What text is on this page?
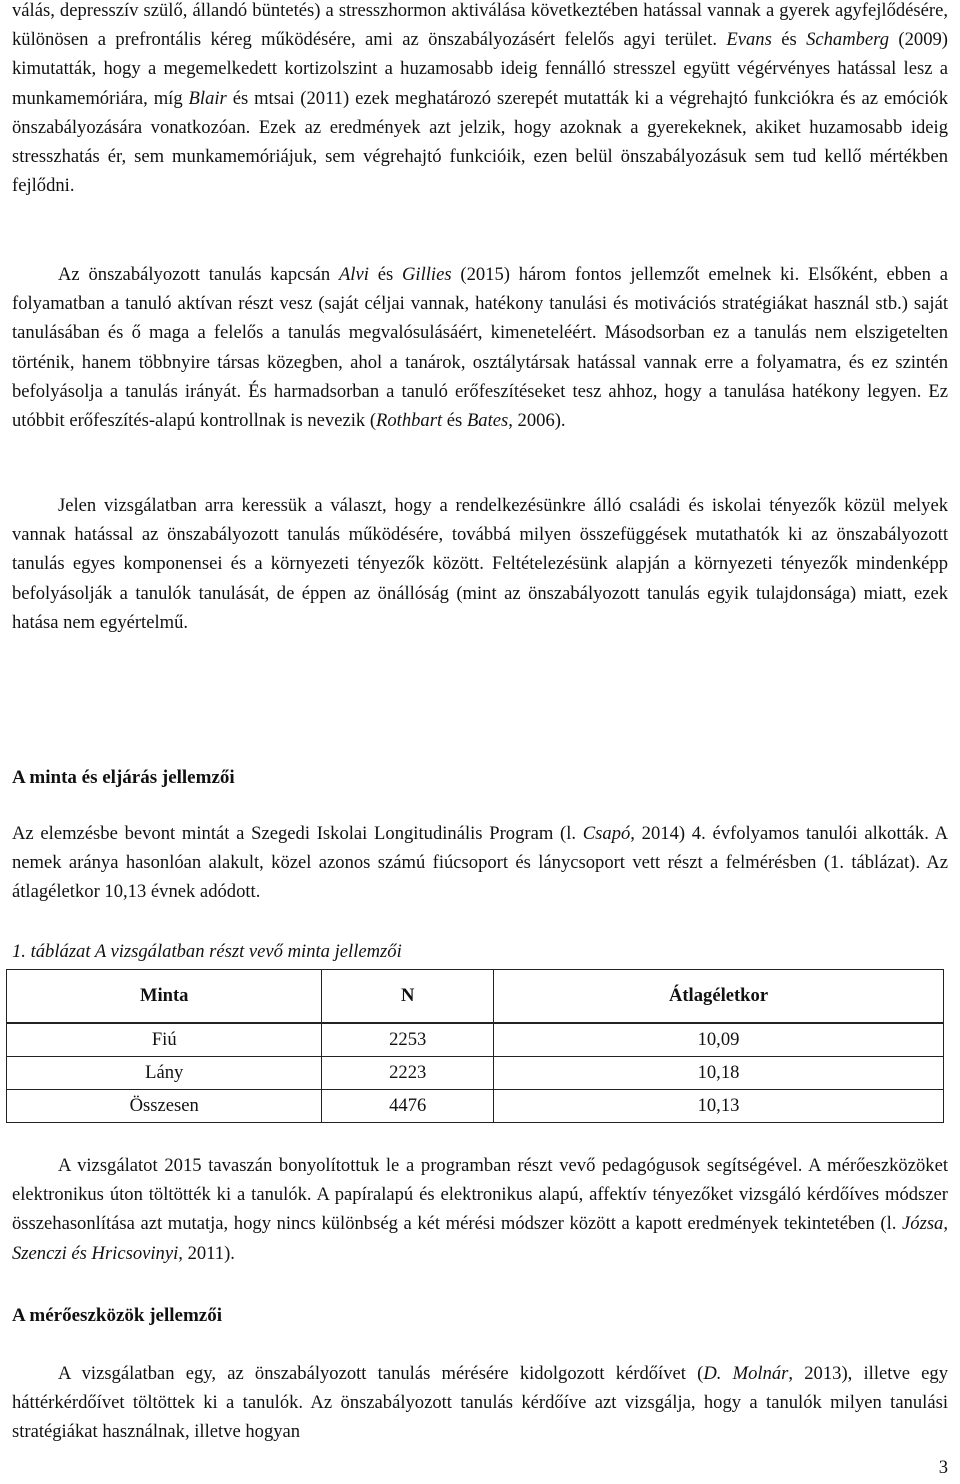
válás, depresszív szülő, állandó büntetés) a stresszhormon aktiválása következtében hatással vannak a gyerek agyfejlődésére, különösen a prefrontális kéreg működésére, ami az önszabályozásért felelős agyi terület. Evans és Schamberg (2009) kimutatták, hogy a megemelkedett kortizolszint a huzamosabb ideig fennálló stresszel együtt végérvényes hatással lesz a munkamemóriára, míg Blair és mtsai (2011) ezek meghatározó szerepét mutatták ki a végrehajtó funkciókra és az emóciók önszabályozására vonatkozóan. Ezek az eredmények azt jelzik, hogy azoknak a gyerekeknek, akiket huzamosabb ideig stresszhatás ér, sem munkamemóriájuk, sem végrehajtó funkcióik, ezen belül önszabályozásuk sem tud kellő mértékben fejlődni.

Az önszabályozott tanulás kapcsán Alvi és Gillies (2015) három fontos jellemzőt emelnek ki. Elsőként, ebben a folyamatban a tanuló aktívan részt vesz (saját céljai vannak, hatékony tanulási és motivációs stratégiákat használ stb.) saját tanulásában és ő maga a felelős a tanulás megvalósulásáért, kimeneteléért. Másodsorban ez a tanulás nem elszigetelten történik, hanem többnyire társas közegben, ahol a tanárok, osztálytársak hatással vannak erre a folyamatra, és ez szintén befolyásolja a tanulás irányát. És harmadsorban a tanuló erőfeszítéseket tesz ahhoz, hogy a tanulása hatékony legyen. Ez utóbbit erőfeszítés-alapú kontrollnak is nevezik (Rothbart és Bates, 2006).

Jelen vizsgálatban arra keressük a választ, hogy a rendelkezésünkre álló családi és iskolai tényezők közül melyek vannak hatással az önszabályozott tanulás működésére, továbbá milyen összefüggések mutathatók ki az önszabályozott tanulás egyes komponensei és a környezeti tényezők között. Feltételezésünk alapján a környezeti tényezők mindenképp befolyásolják a tanulók tanulását, de éppen az önállóság (mint az önszabályozott tanulás egyik tulajdonsága) miatt, ezek hatása nem egyértelmű.

A minta és eljárás jellemzői

Az elemzésbe bevont mintát a Szegedi Iskolai Longitudinális Program (l. Csapó, 2014) 4. évfolyamos tanulói alkották. A nemek aránya hasonlóan alakult, közel azonos számú fiúcsoport és lánycsoport vett részt a felmérésben (1. táblázat). Az átlagéletkor 10,13 évnek adódott.

1. táblázat A vizsgálatban részt vevő minta jellemzői

Minta	N	Átlagéletkor
Fiú	2253	10,09
Lány	2223	10,18
Összesen	4476	10,13

A vizsgálatot 2015 tavaszán bonyolítottuk le a programban részt vevő pedagógusok segítségével. A mérőeszközöket elektronikus úton töltötték ki a tanulók. A papíralapú és elektronikus alapú, affektív tényezőket vizsgáló kérdőíves módszer összehasonlítása azt mutatja, hogy nincs különbség a két mérési módszer között a kapott eredmények tekintetében (l. Józsa, Szenczi és Hricsovinyi, 2011).

A mérőeszközök jellemzői

A vizsgálatban egy, az önszabályozott tanulás mérésére kidolgozott kérdőívet (D. Molnár, 2013), illetve egy háttérkérdőívet töltöttek ki a tanulók. Az önszabályozott tanulás kérdőíve azt vizsgálja, hogy a tanulók milyen tanulási stratégiákat használnak, illetve hogyan

3
